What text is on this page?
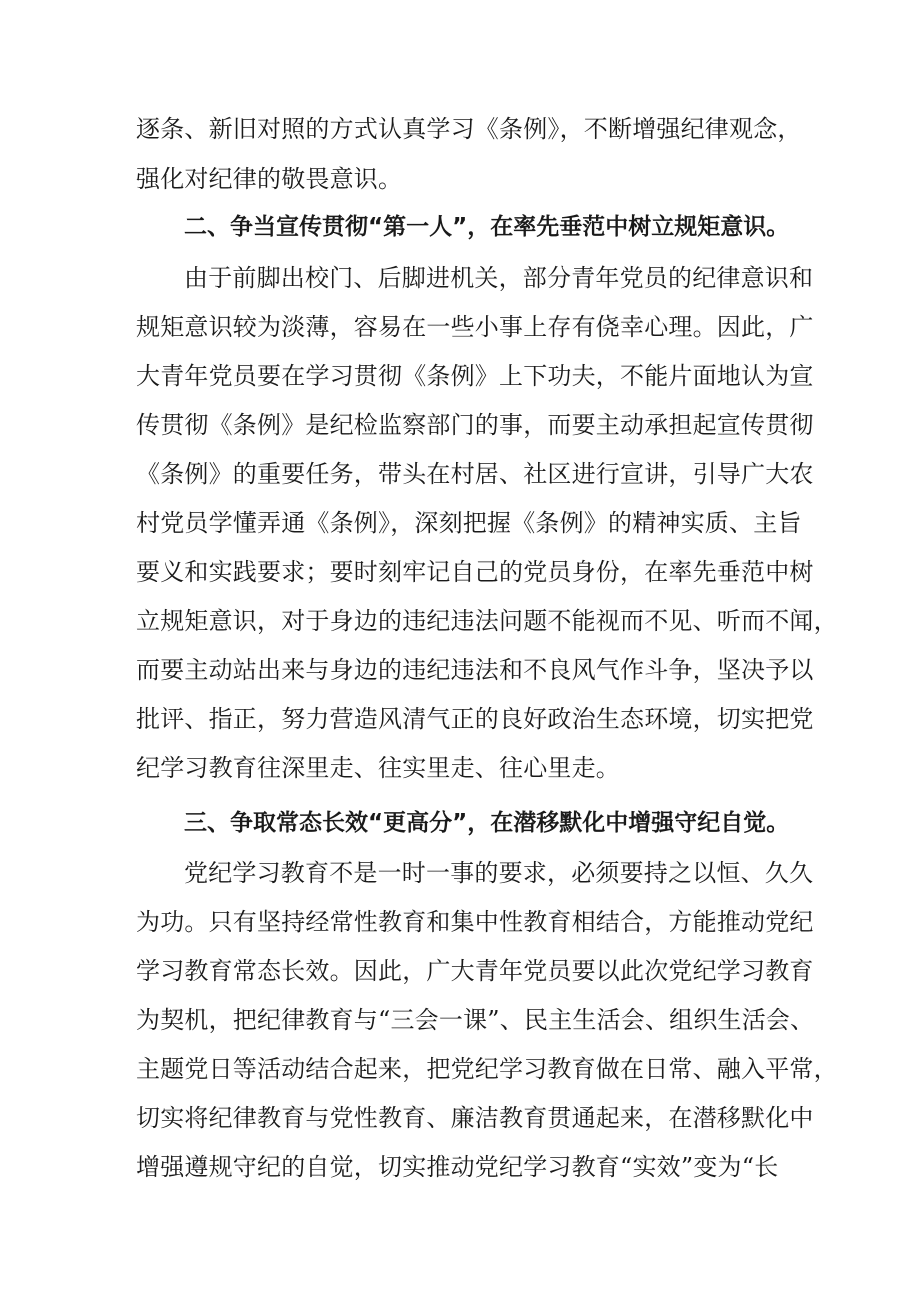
逐条、新旧对照的方式认真学习《条例》，不断增强纪律观念，
强化对纪律的敬畏意识。
二、争当宣传贯彻“第一人”，在率先垂范中树立规矩意识。
由于前脚出校门、后脚进机关，部分青年党员的纪律意识和
规矩意识较为淡薄，容易在一些小事上存有侥幸心理。因此，广
大青年党员要在学习贯彻《条例》上下功夫，不能片面地认为宣
传贯彻《条例》是纪检监察部门的事，而要主动承担起宣传贯彻
《条例》的重要任务，带头在村居、社区进行宣讲，引导广大农
村党员学懂弄通《条例》，深刻把握《条例》的精神实质、主旨
要义和实践要求；要时刻牢记自己的党员身份，在率先垂范中树
立规矩意识，对于身边的违纪违法问题不能视而不见、听而不闻，
而要主动站出来与身边的违纪违法和不良风气作斗争，坚决予以
批评、指正，努力营造风清气正的良好政治生态环境，切实把党
纪学习教育往深里走、往实里走、往心里走。
三、争取常态长效“更高分”，在潜移默化中增强守纪自觉。
党纪学习教育不是一时一事的要求，必须要持之以恒、久久
为功。只有坚持经常性教育和集中性教育相结合，方能推动党纪
学习教育常态长效。因此，广大青年党员要以此次党纪学习教育
为契机，把纪律教育与“三会一课”、民主生活会、组织生活会、
主题党日等活动结合起来，把党纪学习教育做在日常、融入平常，
切实将纪律教育与党性教育、廉洁教育贯通起来，在潜移默化中
增强遵规守纪的自觉，切实推动党纪学习教育“实效”变为“长
